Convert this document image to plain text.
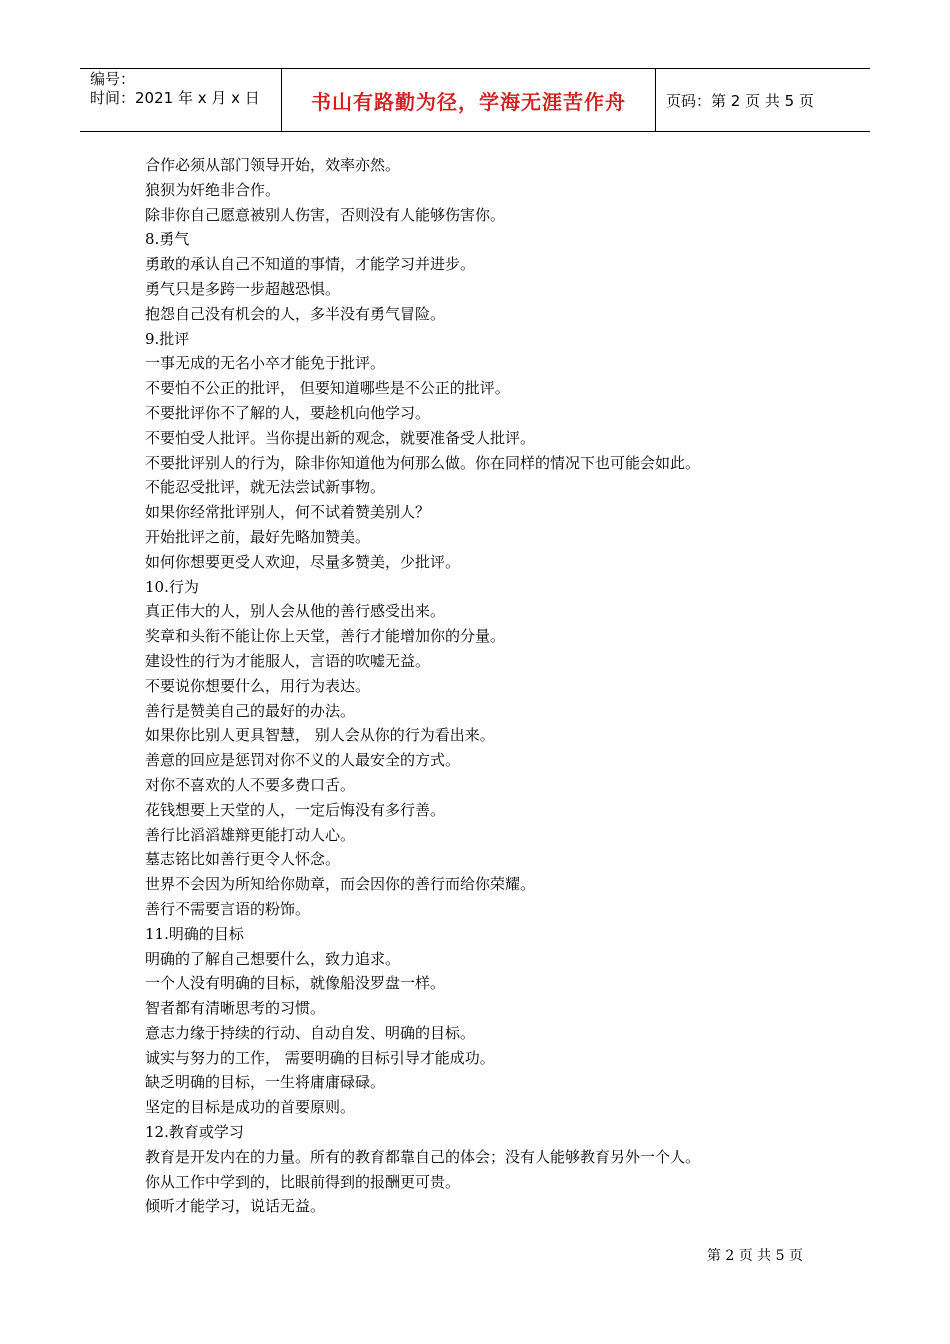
编号：
时间：2021 年 x 月 x 日	书山有路勤为径，学海无涯苦作舟	页码：第 2 页 共 5 页
合作必须从部门领导开始，效率亦然。
狼狈为奸绝非合作。
除非你自己愿意被别人伤害，否则没有人能够伤害你。
8.勇气
勇敢的承认自己不知道的事情，才能学习并进步。
勇气只是多跨一步超越恐惧。
抱怨自己没有机会的人，多半没有勇气冒险。
9.批评
一事无成的无名小卒才能免于批评。
不要怕不公正的批评， 但要知道哪些是不公正的批评。
不要批评你不了解的人，要趁机向他学习。
不要怕受人批评。当你提出新的观念，就要准备受人批评。
不要批评别人的行为，除非你知道他为何那么做。你在同样的情况下也可能会如此。
不能忍受批评，就无法尝试新事物。
如果你经常批评别人，何不试着赞美别人？
开始批评之前，最好先略加赞美。
如何你想要更受人欢迎，尽量多赞美，少批评。
10.行为
真正伟大的人，别人会从他的善行感受出来。
奖章和头衔不能让你上天堂，善行才能增加你的分量。
建设性的行为才能服人，言语的吹嘘无益。
不要说你想要什么，用行为表达。
善行是赞美自己的最好的办法。
如果你比别人更具智慧， 别人会从你的行为看出来。
善意的回应是惩罚对你不义的人最安全的方式。
对你不喜欢的人不要多费口舌。
花钱想要上天堂的人，一定后悔没有多行善。
善行比滔滔雄辩更能打动人心。
墓志铭比如善行更令人怀念。
世界不会因为所知给你勋章，而会因你的善行而给你荣耀。
善行不需要言语的粉饰。
11.明确的目标
明确的了解自己想要什么，致力追求。
一个人没有明确的目标，就像船没罗盘一样。
智者都有清晰思考的习惯。
意志力缘于持续的行动、自动自发、明确的目标。
诚实与努力的工作， 需要明确的目标引导才能成功。
缺乏明确的目标，一生将庸庸碌碌。
坚定的目标是成功的首要原则。
12.教育或学习
教育是开发内在的力量。所有的教育都靠自己的体会；没有人能够教育另外一个人。
你从工作中学到的，比眼前得到的报酬更可贵。
倾听才能学习，说话无益。
第 2 页 共 5 页
